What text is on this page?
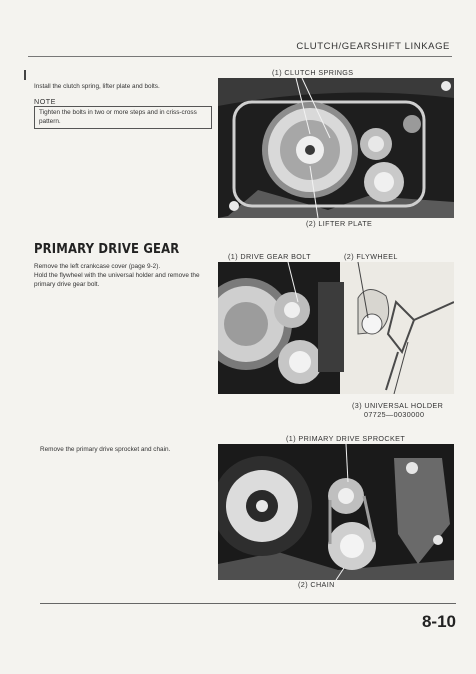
CLUTCH/GEARSHIFT LINKAGE
Install the clutch spring, lifter plate and bolts.
NOTE
Tighten the bolts in two or more steps and in criss-cross pattern.
(1) CLUTCH SPRINGS
(2) LIFTER PLATE
PRIMARY DRIVE GEAR
Remove the left crankcase cover (page 9-2).
Hold the flywheel with the universal holder and remove the primary drive gear bolt.
(1) DRIVE GEAR BOLT	(2) FLYWHEEL
(3) UNIVERSAL HOLDER
07725—0030000
Remove the primary drive sprocket and chain.
(1) PRIMARY DRIVE SPROCKET
(2) CHAIN
8-10
